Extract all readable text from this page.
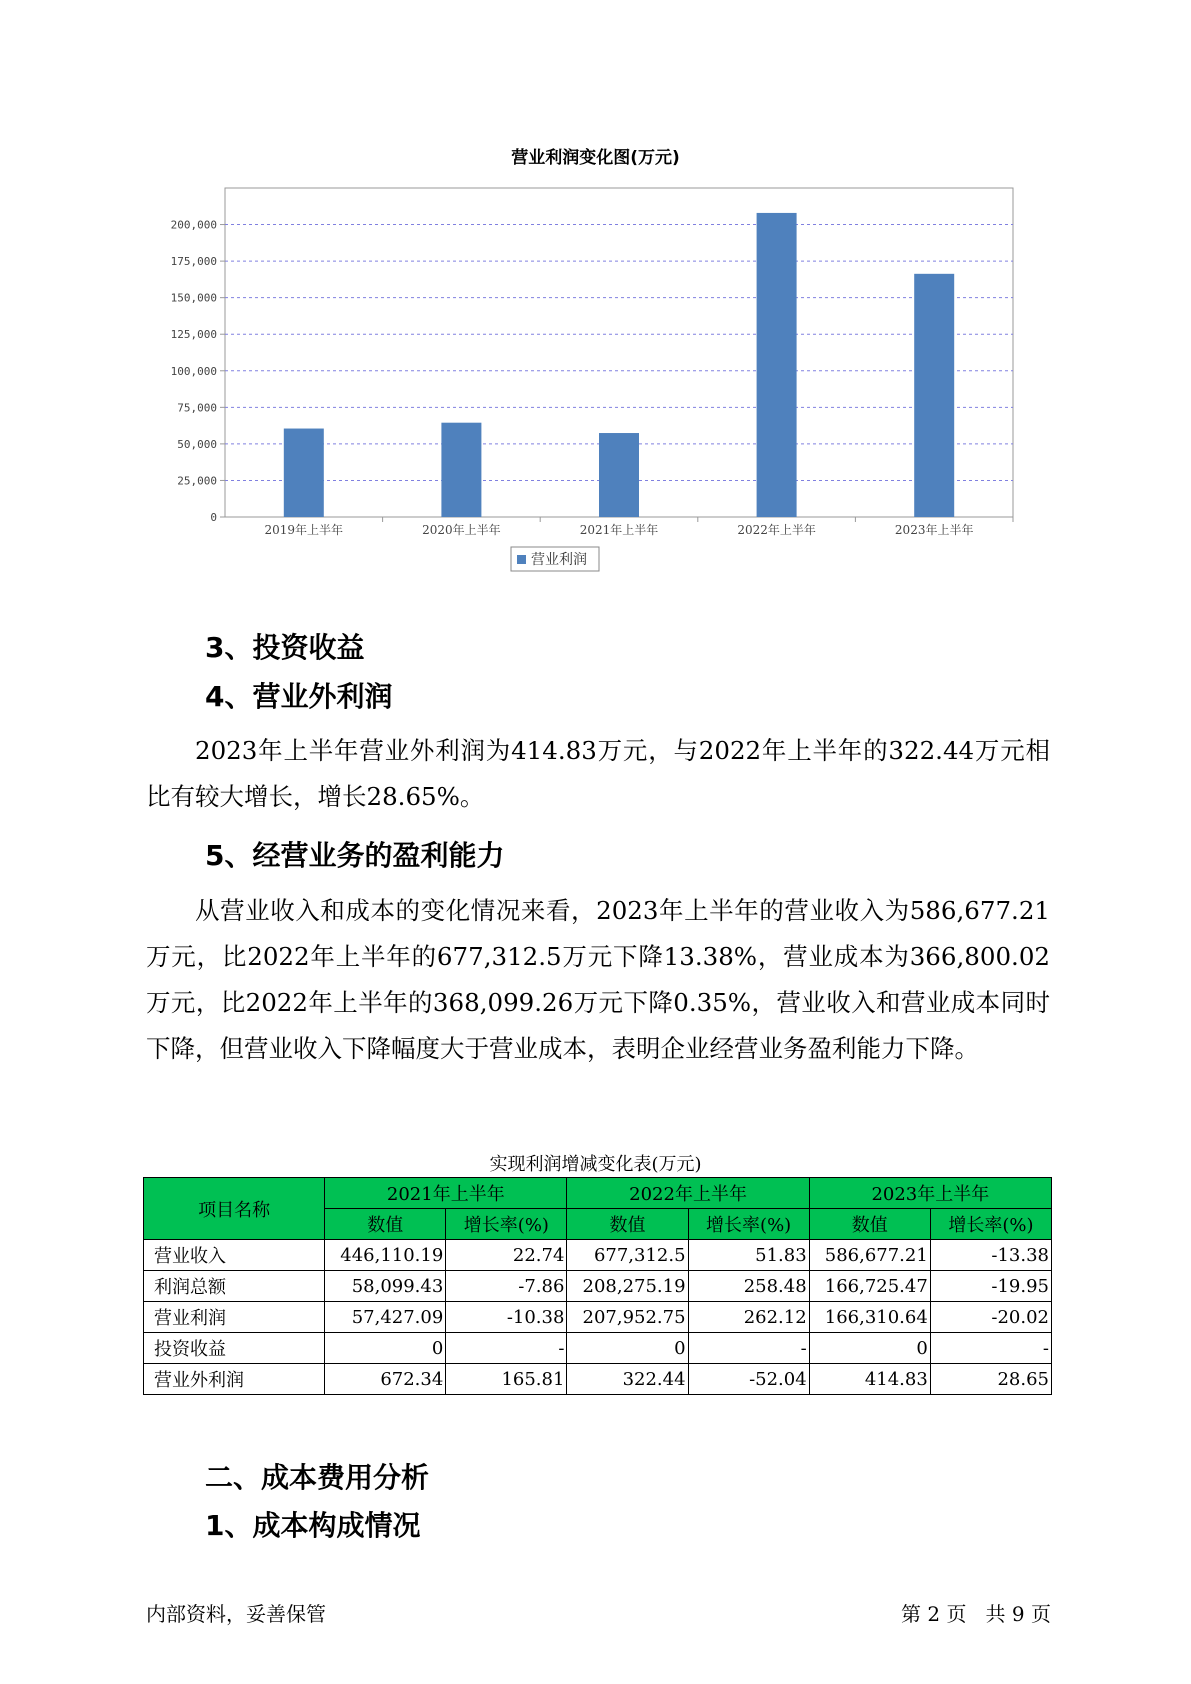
营业利润变化图(万元)
0
25,000
50,000
75,000
100,000
125,000
150,000
175,000
200,000
2019年上半年	2020年上半年	2021年上半年	2022年上半年	2023年上半年
营业利润
3、投资收益
4、营业外利润
2023年上半年营业外利润为414.83万元，与2022年上半年的322.44万元相比有较大增长，增长28.65%。
5、经营业务的盈利能力
从营业收入和成本的变化情况来看，2023年上半年的营业收入为586,677.21万元，比2022年上半年的677,312.5万元下降13.38%，营业成本为366,800.02万元，比2022年上半年的368,099.26万元下降0.35%，营业收入和营业成本同时下降，但营业收入下降幅度大于营业成本，表明企业经营业务盈利能力下降。
实现利润增减变化表(万元)
项目名称	2021年上半年		2022年上半年		2023年上半年	
	数值	增长率(%)	数值	增长率(%)	数值	增长率(%)
营业收入	446,110.19	22.74	677,312.5	51.83	586,677.21	-13.38
利润总额	58,099.43	-7.86	208,275.19	258.48	166,725.47	-19.95
营业利润	57,427.09	-10.38	207,952.75	262.12	166,310.64	-20.02
投资收益	0	-	0	-	0	-
营业外利润	672.34	165.81	322.44	-52.04	414.83	28.65
二、成本费用分析
1、成本构成情况
内部资料，妥善保管	第 2 页   共 9 页
